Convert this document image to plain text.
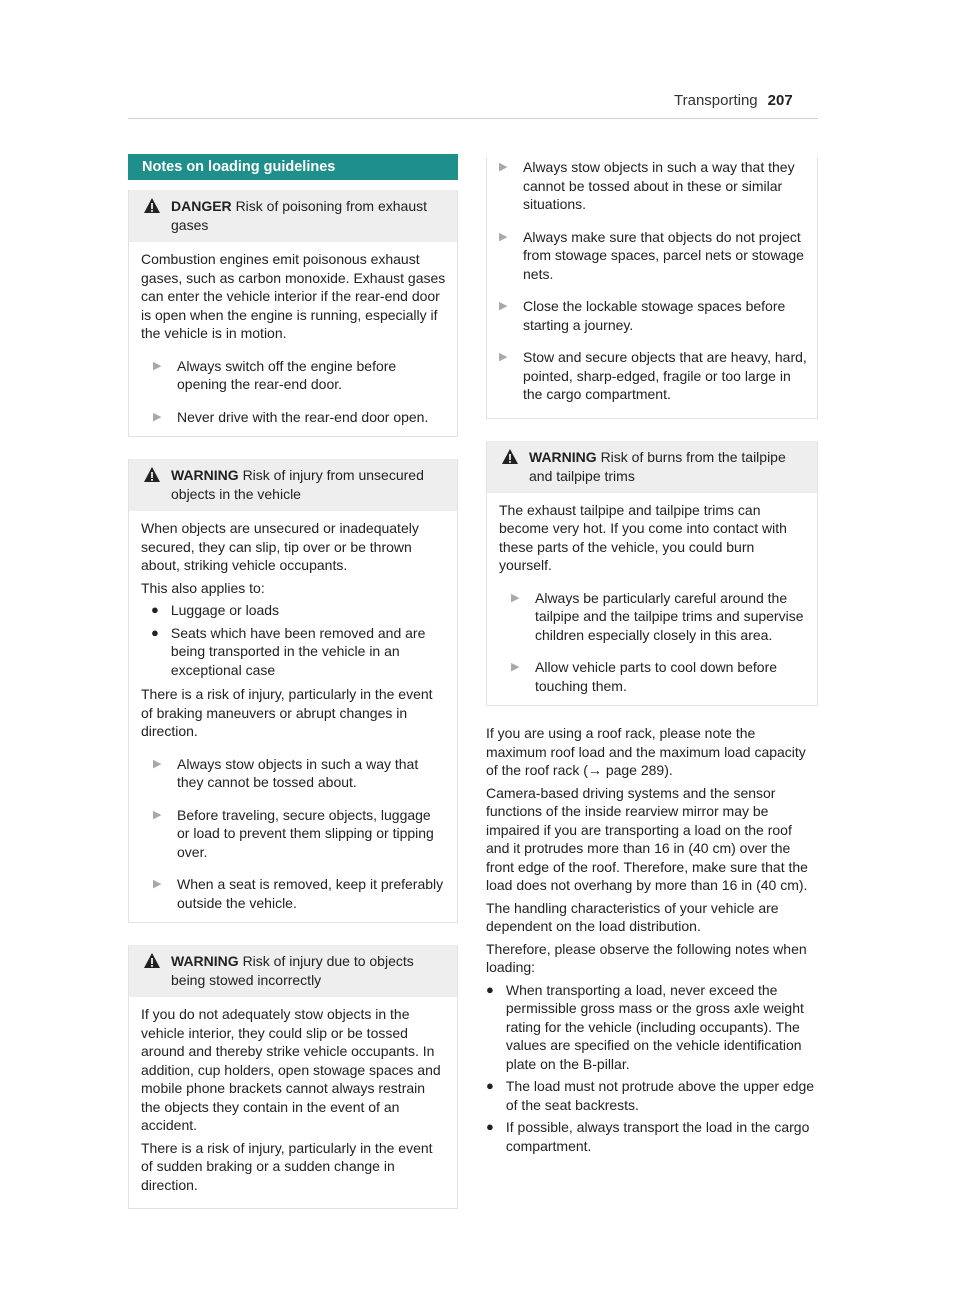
Transporting 207
Notes on loading guidelines
DANGER Risk of poisoning from exhaust gases

Combustion engines emit poisonous exhaust gases, such as carbon monoxide. Exhaust gases can enter the vehicle interior if the rear-end door is open when the engine is running, especially if the vehicle is in motion.

▶ Always switch off the engine before opening the rear-end door.
▶ Never drive with the rear-end door open.
WARNING Risk of injury from unsecured objects in the vehicle

When objects are unsecured or inadequately secured, they can slip, tip over or be thrown about, striking vehicle occupants.

This also applies to:

● Luggage or loads
● Seats which have been removed and are being transported in the vehicle in an exceptional case

There is a risk of injury, particularly in the event of braking maneuvers or abrupt changes in direction.

▶ Always stow objects in such a way that they cannot be tossed about.
▶ Before traveling, secure objects, luggage or load to prevent them slipping or tipping over.
▶ When a seat is removed, keep it preferably outside the vehicle.
WARNING Risk of injury due to objects being stowed incorrectly

If you do not adequately stow objects in the vehicle interior, they could slip or be tossed around and thereby strike vehicle occupants. In addition, cup holders, open stowage spaces and mobile phone brackets cannot always restrain the objects they contain in the event of an accident.

There is a risk of injury, particularly in the event of sudden braking or a sudden change in direction.

▶ Always stow objects in such a way that they cannot be tossed about in these or similar situations.
▶ Always make sure that objects do not project from stowage spaces, parcel nets or stowage nets.
▶ Close the lockable stowage spaces before starting a journey.
▶ Stow and secure objects that are heavy, hard, pointed, sharp-edged, fragile or too large in the cargo compartment.
WARNING Risk of burns from the tailpipe and tailpipe trims

The exhaust tailpipe and tailpipe trims can become very hot. If you come into contact with these parts of the vehicle, you could burn yourself.

▶ Always be particularly careful around the tailpipe and the tailpipe trims and supervise children especially closely in this area.
▶ Allow vehicle parts to cool down before touching them.

If you are using a roof rack, please note the maximum roof load and the maximum load capacity of the roof rack (→ page 289).

Camera-based driving systems and the sensor functions of the inside rearview mirror may be impaired if you are transporting a load on the roof and it protrudes more than 16 in (40 cm) over the front edge of the roof. Therefore, make sure that the load does not overhang by more than 16 in (40 cm).

The handling characteristics of your vehicle are dependent on the load distribution.

Therefore, please observe the following notes when loading:

● When transporting a load, never exceed the permissible gross mass or the gross axle weight rating for the vehicle (including occupants). The values are specified on the vehicle identification plate on the B-pillar.
● The load must not protrude above the upper edge of the seat backrests.
● If possible, always transport the load in the cargo compartment.
